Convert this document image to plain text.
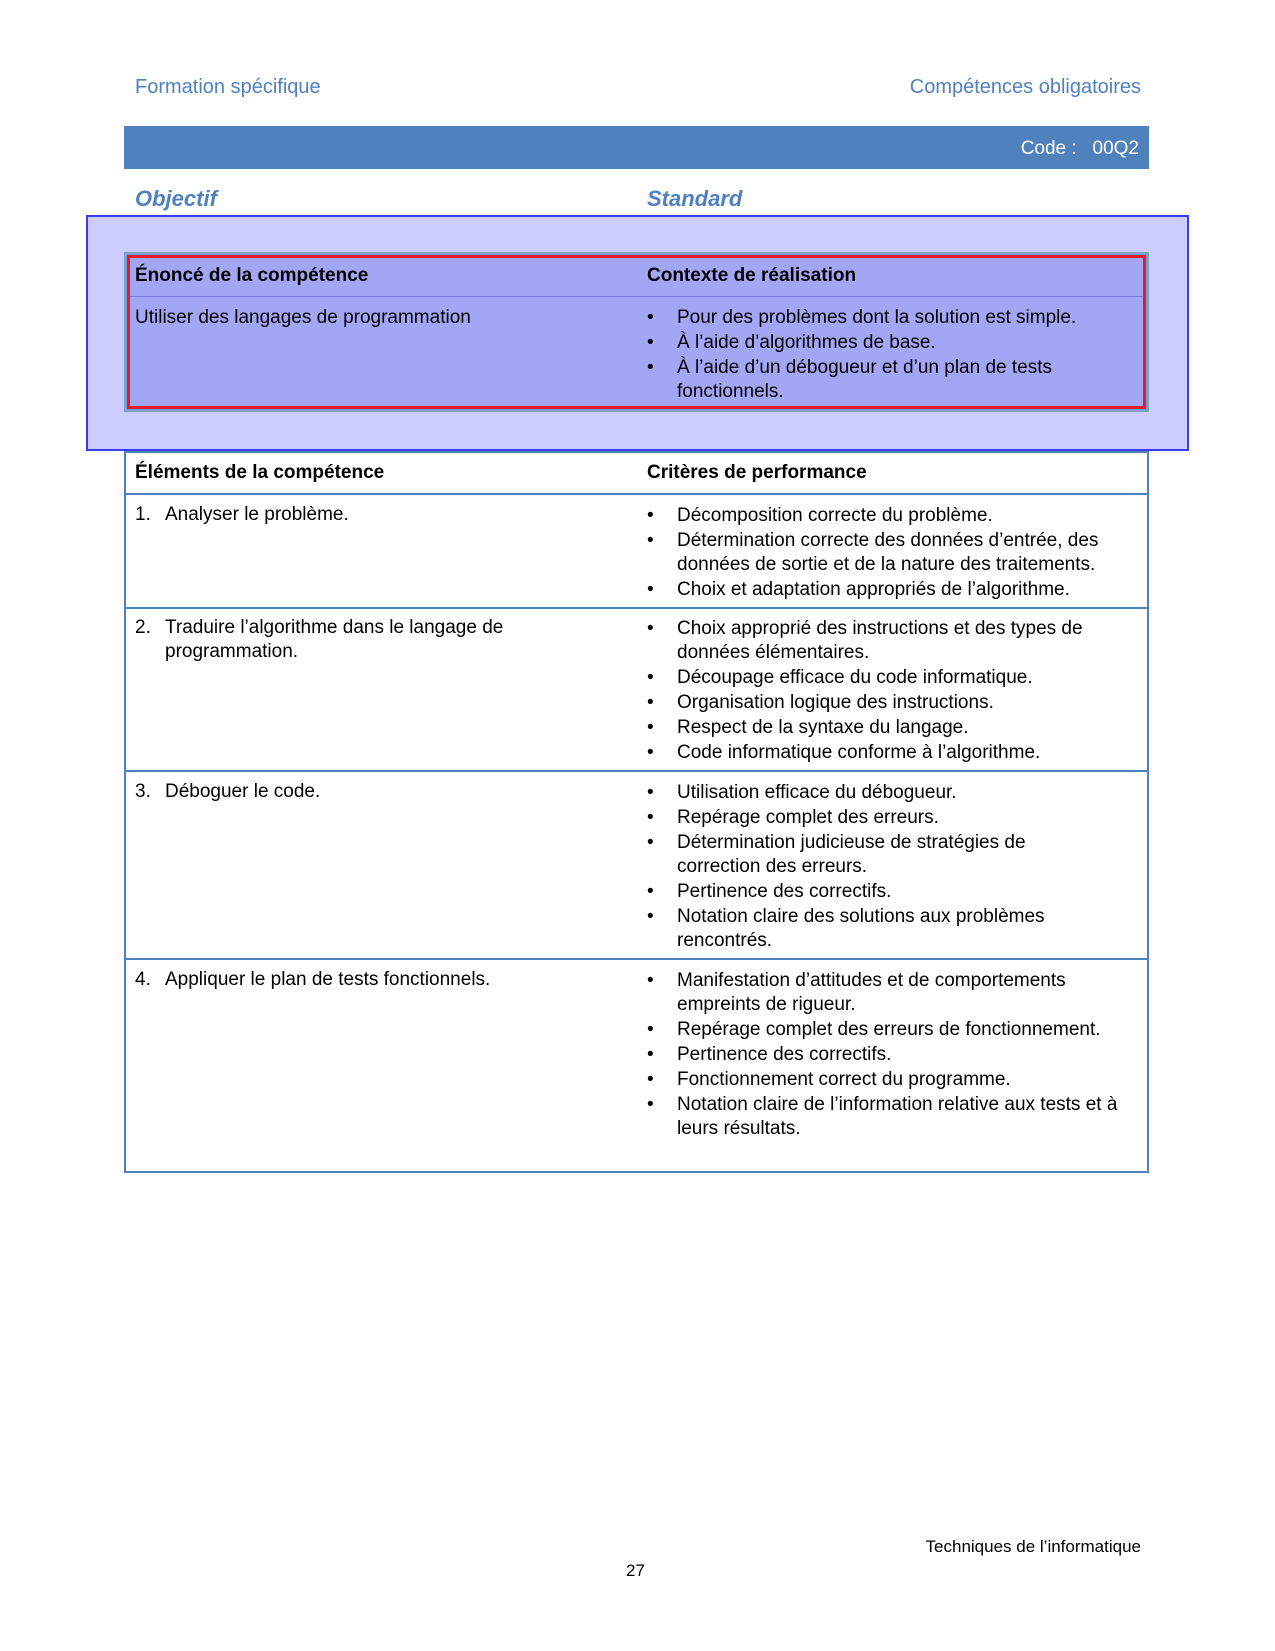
Formation spécifique	Compétences obligatoires
Code :   00Q2
Objectif	Standard
Énoncé de la compétence	Contexte de réalisation
Utiliser des langages de programmation	• Pour des problèmes dont la solution est simple.
• À l’aide d’algorithmes de base.
• À l’aide d’un débogueur et d’un plan de tests fonctionnels.
Éléments de la compétence	Critères de performance
1. Analyser le problème.	• Décomposition correcte du problème.
• Détermination correcte des données d’entrée, des données de sortie et de la nature des traitements.
• Choix et adaptation appropriés de l’algorithme.
2. Traduire l’algorithme dans le langage de programmation.
• Choix approprié des instructions et des types de données élémentaires.
• Découpage efficace du code informatique.
• Organisation logique des instructions.
• Respect de la syntaxe du langage.
• Code informatique conforme à l’algorithme.
3. Déboguer le code.	• Utilisation efficace du débogueur.
• Repérage complet des erreurs.
• Détermination judicieuse de stratégies de correction des erreurs.
• Pertinence des correctifs.
• Notation claire des solutions aux problèmes rencontrés.
4. Appliquer le plan de tests fonctionnels.	• Manifestation d’attitudes et de comportements empreints de rigueur.
• Repérage complet des erreurs de fonctionnement.
• Pertinence des correctifs.
• Fonctionnement correct du programme.
• Notation claire de l’information relative aux tests et à leurs résultats.
Techniques de l’informatique
27
